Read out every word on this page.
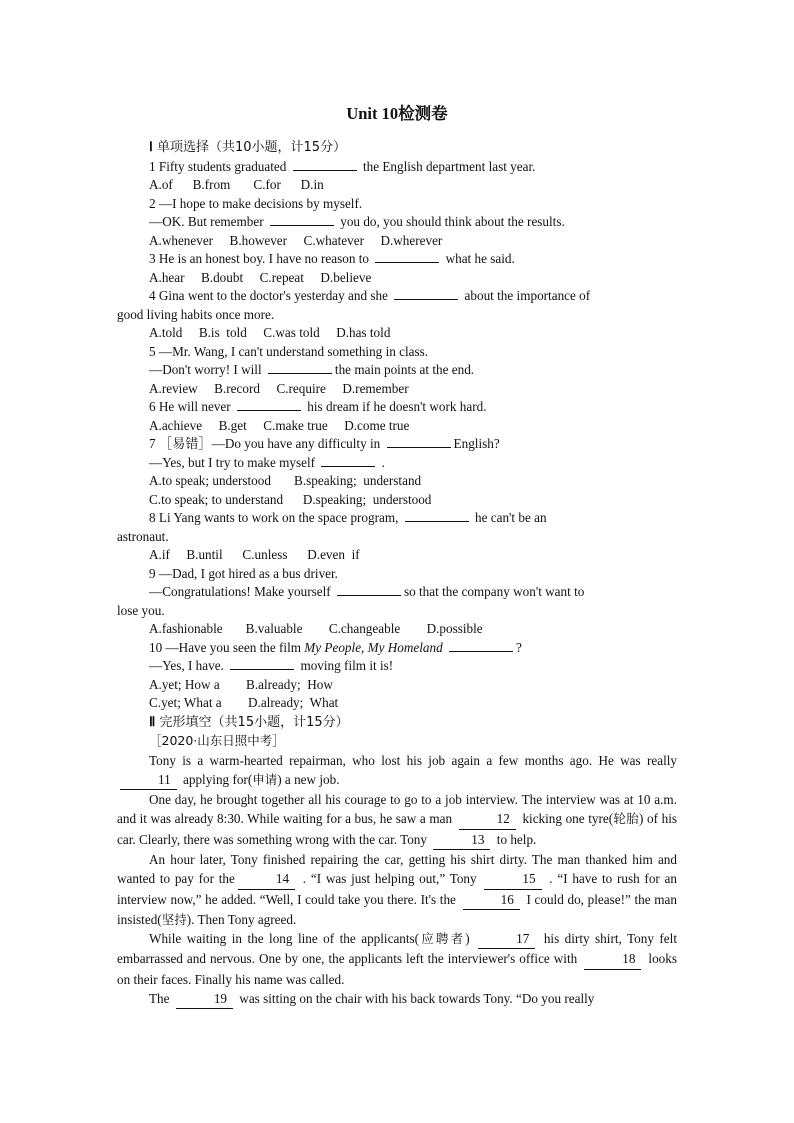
Unit 10检测卷

Ⅰ 单项选择（共10小题，计15分）

1 Fifty students graduated	the English department last year.

A.of      B.from       C.for      D.in

2 —I hope to make decisions by myself.

—OK. But remember	you do, you should think about the results.

A.whenever     B.however     C.whatever     D.wherever

3 He is an honest boy. I have no reason to	what he said.

A.hear     B.doubt     C.repeat     D.believe

4 Gina went to the doctor's yesterday and she	about the importance of

good living habits once more.

A.told     B.is  told     C.was told     D.has told

5 —Mr. Wang, I can't understand something in class.

—Don't worry! I will	the main points at the end.

A.review     B.record     C.require     D.remember

6 He will never	his dream if he doesn't work hard.

A.achieve     B.get     C.make true     D.come true

7 ［易错］—Do you have any difficulty in	English?

—Yes, but I try to make myself	.

A.to speak; understood       B.speaking;  understand

C.to speak; to understand      D.speaking;  understood

8 Li Yang wants to work on the space program,	he can't be an

astronaut.

A.if     B.until      C.unless      D.even  if

9 —Dad, I got hired as a bus driver.

—Congratulations! Make yourself	so that the company won't want to

lose you.

A.fashionable       B.valuable        C.changeable        D.possible

10 —Have you seen the film My People, My Homeland	?

—Yes, I have.	moving film it is!

A.yet; How a        B.already;  How

C.yet; What a        D.already;  What

Ⅱ 完形填空（共15小题，计15分）

［2020·山东日照中考］

Tony is a warm-hearted repairman, who lost his job again a few months ago. He was really 11 applying for(申请) a new job.

One day, he brought together all his courage to go to a job interview. The interview was at 10 a.m. and it was already 8:30. While waiting for a bus, he saw a man	12 kicking one tyre(轮胎) of his car. Clearly, there was something wrong with the car. Tony	13 to help.

An hour later, Tony finished repairing the car, getting his shirt dirty. The man thanked him and wanted to pay for the	14 . “I was just helping out,” Tony	15 . “I have to rush for an interview now,” he added. “Well, I could take you there. It's the	16 I could do, please!” the man insisted(坚持). Then Tony agreed.

While waiting in the long line of the applicants(应聘者)	17 his dirty shirt, Tony felt embarrassed and nervous. One by one, the applicants left the interviewer's office with	18 looks on their faces. Finally his name was called.

The	19 was sitting on the chair with his back towards Tony. “Do you really
